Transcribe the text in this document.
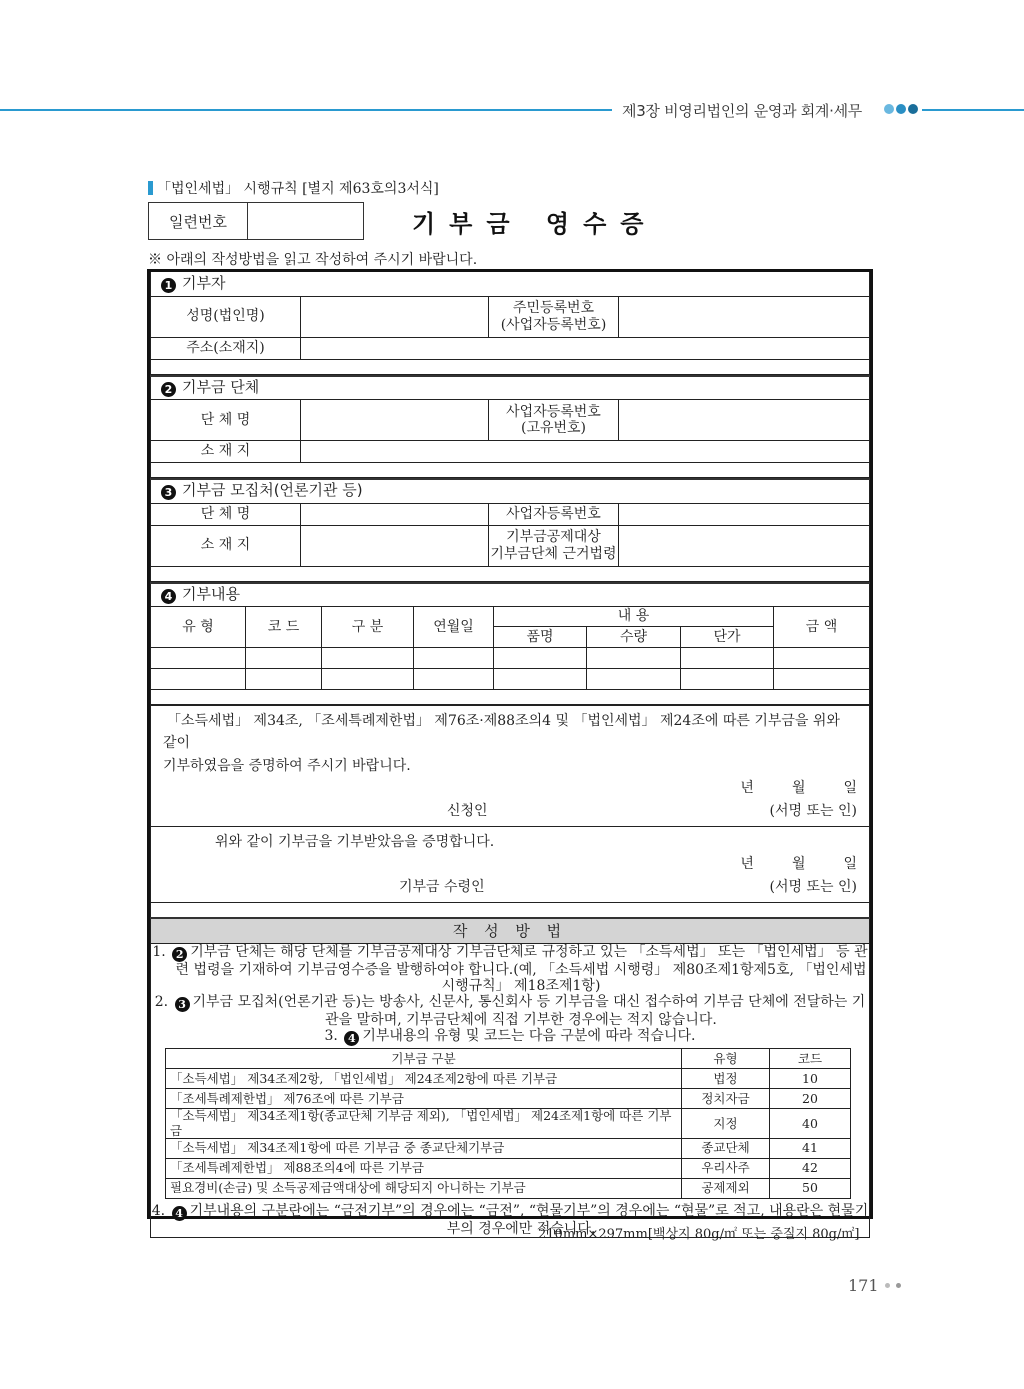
제3장 비영리법인의 운영과 회계·세무
「법인세법」 시행규칙 [별지 제63호의3서식]
일련번호	기부금 영수증
※ 아래의 작성방법을 읽고 작성하여 주시기 바랍니다.
1 기부자			
성명(법인명)		주민등록번호
(사업자등록번호)	

주소(소재지)			

2 기부금 단체			
단 체 명		사업자등록번호
(고유번호)	

소 재 지			

3 기부금 모집처(언론기관 등)			
단 체 명		사업자등록번호	
소 재 지		기부금공제대상
기부금단체 근거법령	

4 기부내용							
유 형	코 드	구 분	연월일	내 용			금 액
				품명	수량	단가	

「소득세법」 제34조, 「조세특례제한법」 제76조·제88조의4 및 「법인세법」 제24조에 따른 기부금을 위와 같이
기부하였음을 증명하여 주시기 바랍니다.
년	월	일
신청인	(서명 또는 인)

위와 같이 기부금을 기부받았음을 증명합니다.
년	월	일
기부금 수령인	(서명 또는 인)

작 성 방 법

1. 2 기부금 단체는 해당 단체를 기부금공제대상 기부금단체로 규정하고 있는 「소득세법」 또는 「법인세법」 등 관련 법령을 기재하여 기부금영수증을 발행하여야 합니다.(예, 「소득세법 시행령」 제80조제1항제5호, 「법인세법 시행규칙」 제18조제1항)
2. 3 기부금 모집처(언론기관 등)는 방송사, 신문사, 통신회사 등 기부금을 대신 접수하여 기부금 단체에 전달하는 기관을 말하며, 기부금단체에 직접 기부한 경우에는 적지 않습니다.
3. 4 기부내용의 유형 및 코드는 다음 구분에 따라 적습니다.
기부금 구분	유형	코드
「소득세법」 제34조제2항, 「법인세법」 제24조제2항에 따른 기부금	법정	10
「조세특례제한법」 제76조에 따른 기부금	정치자금	20
「소득세법」 제34조제1항(종교단체 기부금 제외), 「법인세법」 제24조제1항에 따른 기부금	지정	40
「소득세법」 제34조제1항에 따른 기부금 중 종교단체기부금	종교단체	41
「조세특례제한법」 제88조의4에 따른 기부금	우리사주	42
필요경비(손금) 및 소득공제금액대상에 해당되지 아니하는 기부금	공제제외	50
4. 4 기부내용의 구분란에는 “금전기부”의 경우에는 “금전”, “현물기부”의 경우에는 “현물”로 적고, 내용란은 현물기부의 경우에만 적습니다.
210mm×297mm[백상지 80g/㎡ 또는 중질지 80g/㎡]
171
